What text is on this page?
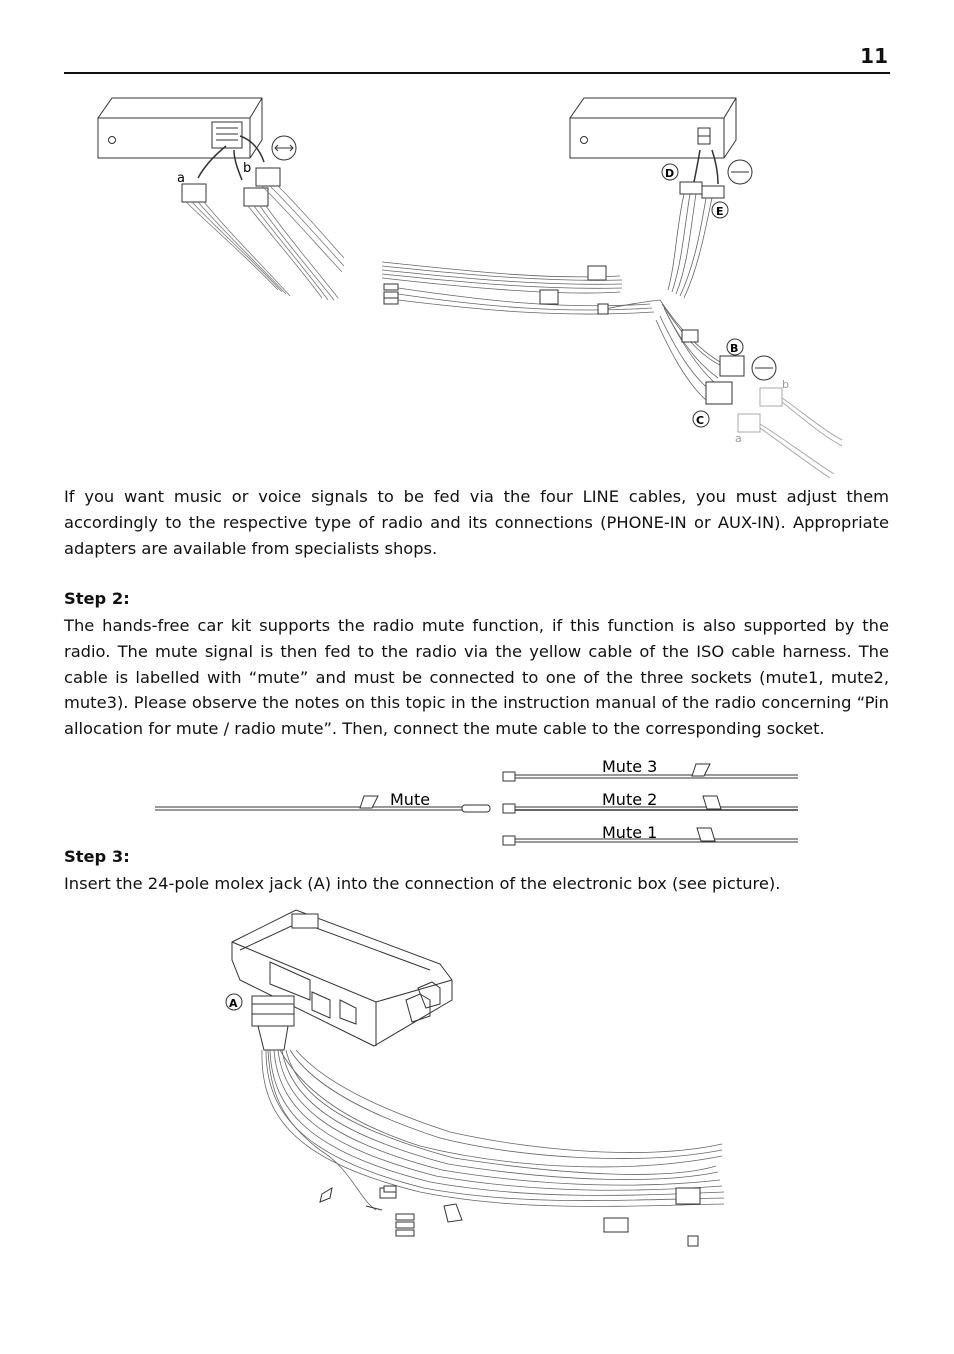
11
a
b	D
E
B
C
b
a

If you want music or voice signals to be fed via the four LINE cables, you must adjust them accordingly to the respective type of radio and its connections (PHONE-IN or AUX-IN). Appropriate adapters are available from specialists shops.

Step 2:

The hands-free car kit supports the radio mute function, if this function is also supported by the radio. The mute signal is then fed to the radio via the yellow cable of the ISO cable harness. The cable is labelled with “mute” and must be connected to one of the three sockets (mute1, mute2, mute3). Please observe the notes on this topic in the instruction manual of the radio concerning “Pin allocation for mute / radio mute”. Then, connect the mute cable to the corresponding socket.

Mute
Mute 3
Mute 2
Mute 1

Step 3:

Insert the 24-pole molex jack (A) into the connection of the electronic box (see picture).

A
